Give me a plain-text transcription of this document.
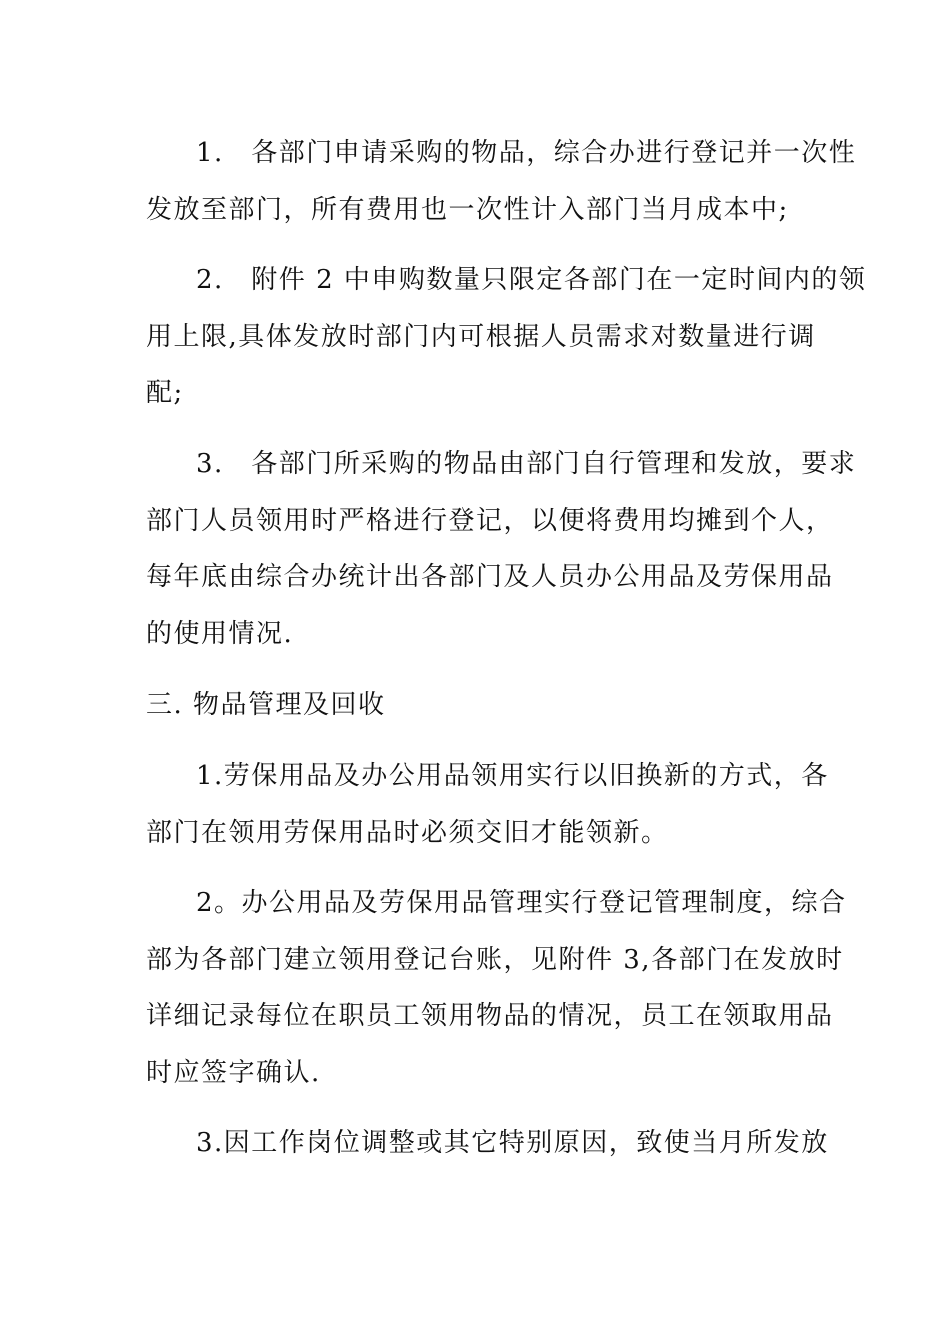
1.　各部门申请采购的物品，综合办进行登记并一次性
发放至部门，所有费用也一次性计入部门当月成本中;
2.　附件 2 中申购数量只限定各部门在一定时间内的领
用上限,具体发放时部门内可根据人员需求对数量进行调
配;
3.　各部门所采购的物品由部门自行管理和发放，要求
部门人员领用时严格进行登记，以便将费用均摊到个人，
每年底由综合办统计出各部门及人员办公用品及劳保用品
的使用情况.
三. 物品管理及回收
1.劳保用品及办公用品领用实行以旧换新的方式，各
部门在领用劳保用品时必须交旧才能领新。
2。办公用品及劳保用品管理实行登记管理制度，综合
部为各部门建立领用登记台账，见附件 3,各部门在发放时
详细记录每位在职员工领用物品的情况，员工在领取用品
时应签字确认.
3.因工作岗位调整或其它特别原因，致使当月所发放
